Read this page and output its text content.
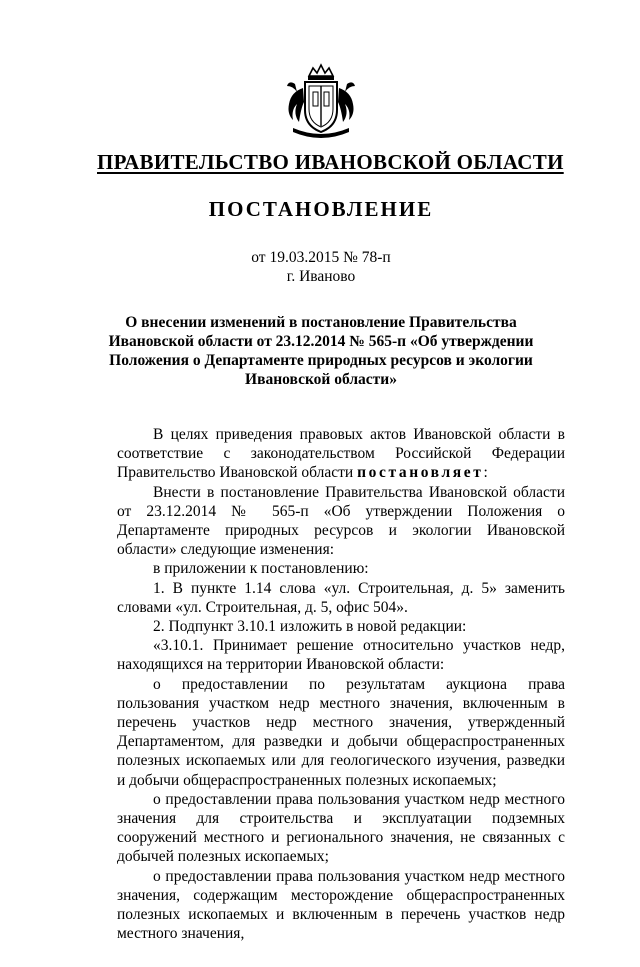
ПРАВИТЕЛЬСТВО ИВАНОВСКОЙ ОБЛАСТИ
ПОСТАНОВЛЕНИЕ
от 19.03.2015 № 78-п
г. Иваново
О внесении изменений в постановление Правительства
Ивановской области от 23.12.2014 № 565-п «Об утверждении
Положения о Департаменте природных ресурсов и экологии
Ивановской области»

В целях приведения правовых актов Ивановской области в соответствие с законодательством Российской Федерации Правительство Ивановской области постановляет:

Внести в постановление Правительства Ивановской области от 23.12.2014 № 565-п «Об утверждении Положения о Департаменте природных ресурсов и экологии Ивановской области» следующие изменения:

в приложении к постановлению:

1. В пункте 1.14 слова «ул. Строительная, д. 5» заменить словами «ул. Строительная, д. 5, офис 504».

2. Подпункт 3.10.1 изложить в новой редакции:

«3.10.1. Принимает решение относительно участков недр, находящихся на территории Ивановской области:

о предоставлении по результатам аукциона права пользования участком недр местного значения, включенным в перечень участков недр местного значения, утвержденный Департаментом, для разведки и добычи общераспространенных полезных ископаемых или для геологического изучения, разведки и добычи общераспространенных полезных ископаемых;

о предоставлении права пользования участком недр местного значения для строительства и эксплуатации подземных сооружений местного и регионального значения, не связанных с добычей полезных ископаемых;

о предоставлении права пользования участком недр местного значения, содержащим месторождение общераспространенных полезных ископаемых и включенным в перечень участков недр местного значения,
